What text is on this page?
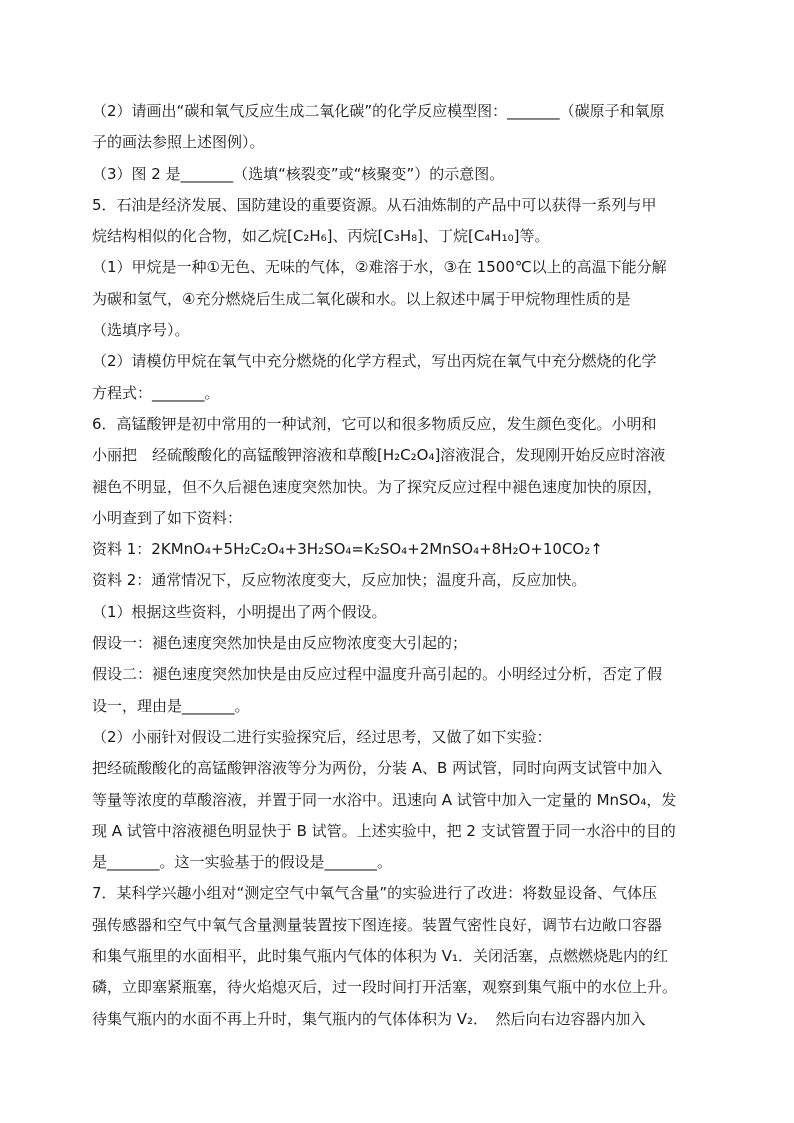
（2）请画出“碳和氧气反应生成二氧化碳”的化学反应模型图：_______（碳原子和氧原
子的画法参照上述图例）。
（3）图 2 是_______（选填“核裂变”或“核聚变”）的示意图。
5．石油是经济发展、国防建设的重要资源。从石油炼制的产品中可以获得一系列与甲
烷结构相似的化合物，如乙烷[C₂H₆]、丙烷[C₃H₈]、丁烷[C₄H₁₀]等。
（1）甲烷是一种①无色、无味的气体，②难溶于水，③在 1500℃以上的高温下能分解
为碳和氢气，④充分燃烧后生成二氧化碳和水。以上叙述中属于甲烷物理性质的是
（选填序号）。
（2）请模仿甲烷在氧气中充分燃烧的化学方程式，写出丙烷在氧气中充分燃烧的化学
方程式：_______。
6．高锰酸钾是初中常用的一种试剂，它可以和很多物质反应，发生颜色变化。小明和
小丽把　经硫酸酸化的高锰酸钾溶液和草酸[H₂C₂O₄]溶液混合，发现刚开始反应时溶液
褪色不明显，但不久后褪色速度突然加快。为了探究反应过程中褪色速度加快的原因，
小明查到了如下资料：
资料 1：2KMnO₄+5H₂C₂O₄+3H₂SO₄=K₂SO₄+2MnSO₄+8H₂O+10CO₂↑
资料 2：通常情况下，反应物浓度变大，反应加快；温度升高，反应加快。
（1）根据这些资料，小明提出了两个假设。
假设一：褪色速度突然加快是由反应物浓度变大引起的；
假设二：褪色速度突然加快是由反应过程中温度升高引起的。小明经过分析，否定了假
设一，理由是_______。
（2）小丽针对假设二进行实验探究后，经过思考，又做了如下实验：
把经硫酸酸化的高锰酸钾溶液等分为两份，分装 A、B 两试管，同时向两支试管中加入
等量等浓度的草酸溶液，并置于同一水浴中。迅速向 A 试管中加入一定量的 MnSO₄，发
现 A 试管中溶液褪色明显快于 B 试管。上述实验中，把 2 支试管置于同一水浴中的目的
是_______。这一实验基于的假设是_______。
7．某科学兴趣小组对“测定空气中氧气含量”的实验进行了改进：将数显设备、气体压
强传感器和空气中氧气含量测量装置按下图连接。装置气密性良好，调节右边敞口容器
和集气瓶里的水面相平，此时集气瓶内气体的体积为 V₁．关闭活塞，点燃燃烧匙内的红
磷，立即塞紧瓶塞，待火焰熄灭后，过一段时间打开活塞，观察到集气瓶中的水位上升。
待集气瓶内的水面不再上升时，集气瓶内的气体体积为 V₂．　然后向右边容器内加入
